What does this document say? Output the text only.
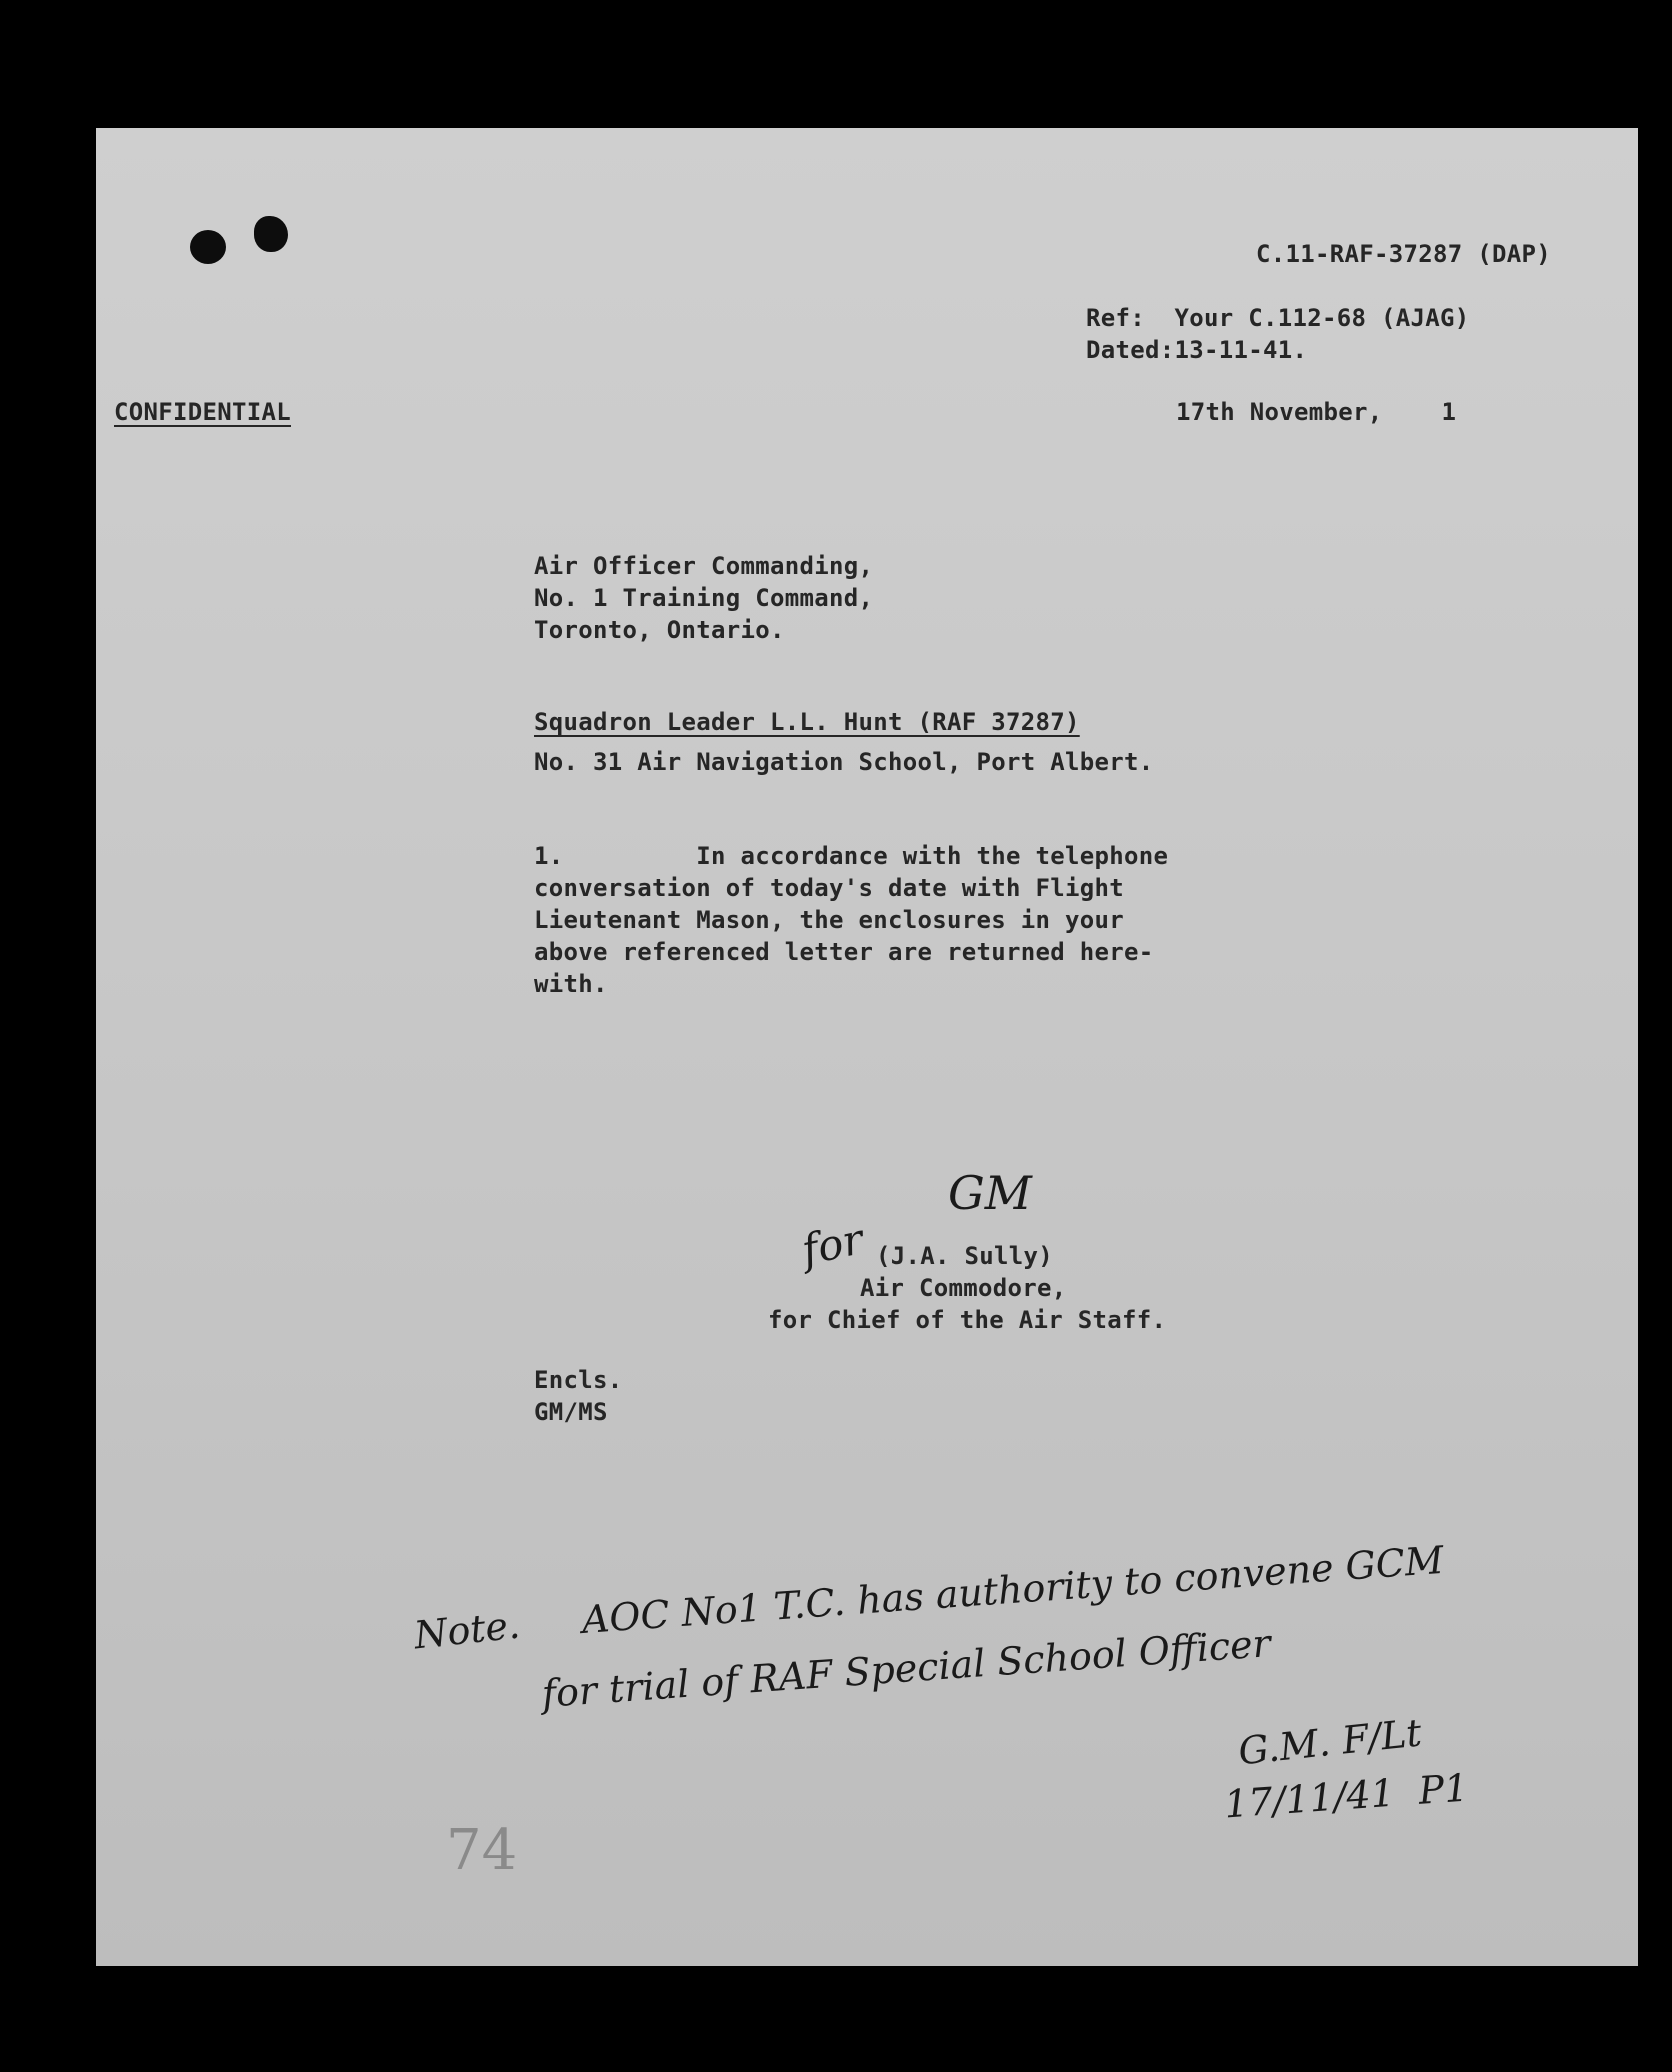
C.11-RAF-37287 (DAP)
Ref:  Your C.112-68 (AJAG)
Dated:13-11-41.
CONFIDENTIAL	17th November,    1
Air Officer Commanding,
No. 1 Training Command,
Toronto, Ontario.
Squadron Leader L.L. Hunt (RAF 37287)
No. 31 Air Navigation School, Port Albert.
1.         In accordance with the telephone
conversation of today's date with Flight
Lieutenant Mason, the enclosures in your
above referenced letter are returned here-
with.
GM
for (J.A. Sully)
Air Commodore,
for Chief of the Air Staff.
Encls.
GM/MS
Note. AOC No1 T.C. has authority to convene GCM
for trial of RAF Special School Officer
G.M. F/Lt
17/11/41  P1
74
